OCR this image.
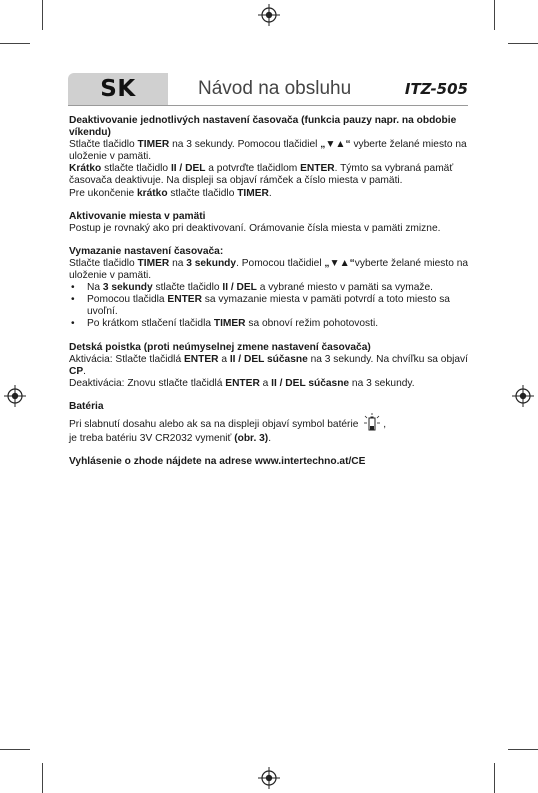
SK	Návod na obsluhu	ITZ-505
Deaktivovanie jednotlivých nastavení časovača (funkcia pauzy napr. na obdobie víkendu)
Stlačte tlačidlo TIMER na 3 sekundy. Pomocou tlačidiel „▼▲“ vyberte želané miesto na uloženie v pamäti.
Krátko stlačte tlačidlo II / DEL a potvrďte tlačidlom ENTER. Týmto sa vybraná pamäť
časovača deaktivuje. Na displeji sa objaví rámček a číslo miesta v pamäti.
Pre ukončenie krátko stlačte tlačidlo TIMER.
Aktivovanie miesta v pamäti
Postup je rovnaký ako pri deaktivovaní. Orámovanie čísla miesta v pamäti zmizne.
Vymazanie nastavení časovača:
Stlačte tlačidlo TIMER na 3 sekundy. Pomocou tlačidiel „▼▲“vyberte želané miesto na uloženie v pamäti.
• Na 3 sekundy stlačte tlačidlo II / DEL a vybrané miesto v pamäti sa vymaže.
• Pomocou tlačidla ENTER sa vymazanie miesta v pamäti potvrdí a toto miesto sa uvoľní.
• Po krátkom stlačení tlačidla TIMER sa obnoví režim pohotovosti.
Detská poistka (proti neúmyselnej zmene nastavení časovača)
Aktivácia: Stlačte tlačidlá ENTER a II / DEL súčasne na 3 sekundy. Na chvíľku sa objaví CP.
Deaktivácia: Znovu stlačte tlačidlá ENTER a II / DEL súčasne na 3 sekundy.
Batéria
Pri slabnutí dosahu alebo ak sa na displeji objaví symbol batérie ,
je treba batériu 3V CR2032 vymeniť (obr. 3).
Vyhlásenie o zhode nájdete na adrese www.intertechno.at/CE
